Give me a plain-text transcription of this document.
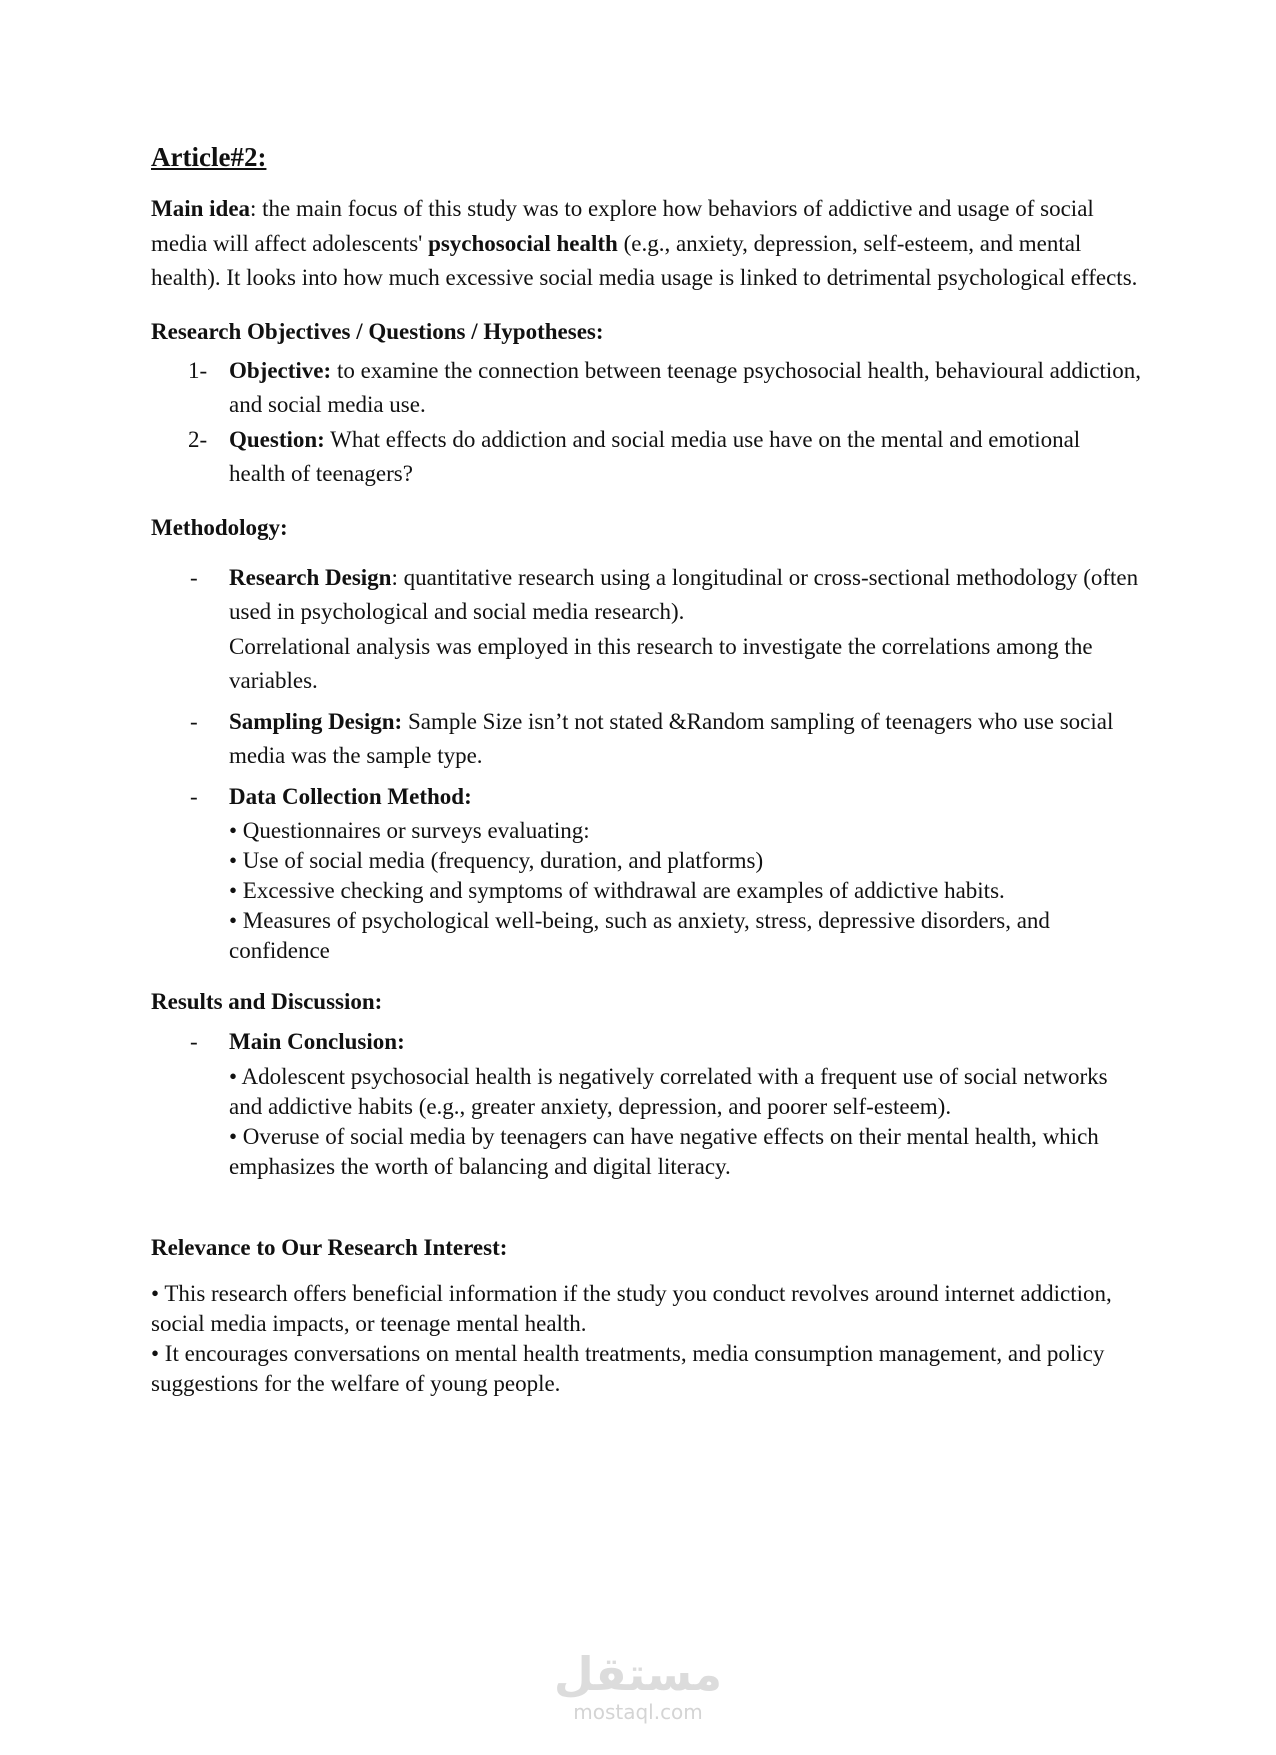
Article#2:

Main idea: the main focus of this study was to explore how behaviors of addictive and usage of social media will affect adolescents' psychosocial health (e.g., anxiety, depression, self-esteem, and mental health). It looks into how much excessive social media usage is linked to detrimental psychological effects.

Research Objectives / Questions / Hypotheses:
1- Objective: to examine the connection between teenage psychosocial health, behavioural addiction, and social media use.
2- Question: What effects do addiction and social media use have on the mental and emotional health of teenagers?
Methodology:
- Research Design: quantitative research using a longitudinal or cross-sectional methodology (often used in psychological and social media research).
Correlational analysis was employed in this research to investigate the correlations among the variables.
- Sampling Design: Sample Size isn’t not stated &Random sampling of teenagers who use social media was the sample type.
- Data Collection Method:
• Questionnaires or surveys evaluating:
• Use of social media (frequency, duration, and platforms)
• Excessive checking and symptoms of withdrawal are examples of addictive habits.
• Measures of psychological well-being, such as anxiety, stress, depressive disorders, and confidence
Results and Discussion:
- Main Conclusion:
• Adolescent psychosocial health is negatively correlated with a frequent use of social networks and addictive habits (e.g., greater anxiety, depression, and poorer self-esteem).
• Overuse of social media by teenagers can have negative effects on their mental health, which emphasizes the worth of balancing and digital literacy.
Relevance to Our Research Interest:
• This research offers beneficial information if the study you conduct revolves around internet addiction, social media impacts, or teenage mental health.
• It encourages conversations on mental health treatments, media consumption management, and policy suggestions for the welfare of young people.
مستقل
mostaql.com
